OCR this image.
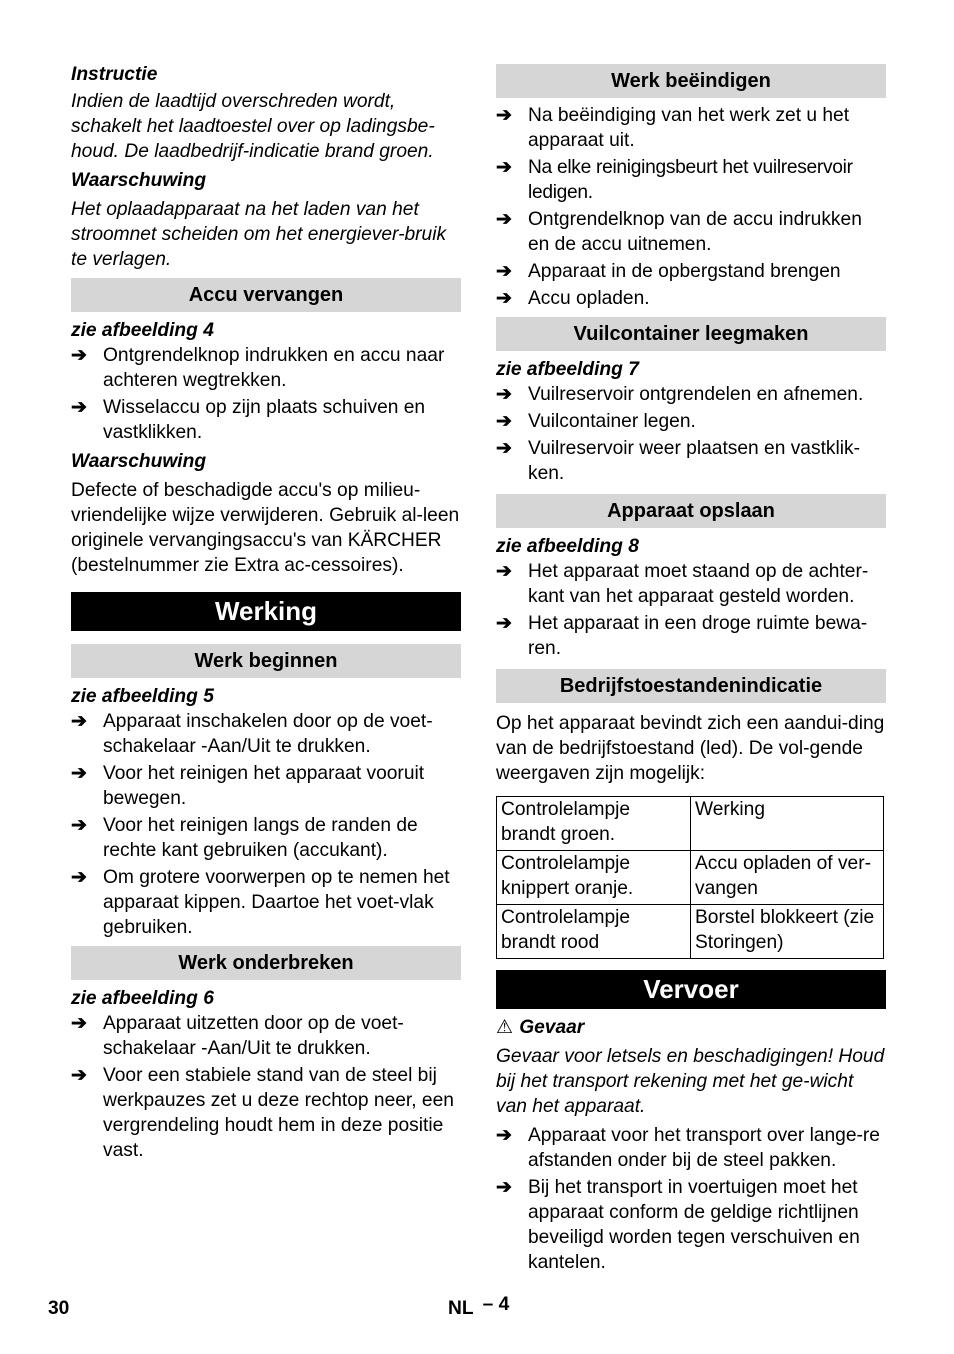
Instructie

Indien de laadtijd overschreden wordt, schakelt het laadtoestel over op ladingsbe-houd. De laadbedrijf-indicatie brand groen.

Waarschuwing

Het oplaadapparaat na het laden van het stroomnet scheiden om het energiever-bruik te verlagen.

Accu vervangen

zie afbeelding 4

➔ Ontgrendelknop indrukken en accu naar achteren wegtrekken.
➔ Wisselaccu op zijn plaats schuiven en vastklikken.

Waarschuwing

Defecte of beschadigde accu's op milieu-vriendelijke wijze verwijderen. Gebruik al-leen originele vervangingsaccu's van KÄRCHER (bestelnummer zie Extra ac-cessoires).

Werking
Werk beginnen

zie afbeelding 5

➔ Apparaat inschakelen door op de voet-schakelaar -Aan/Uit te drukken.
➔ Voor het reinigen het apparaat vooruit bewegen.
➔ Voor het reinigen langs de randen de rechte kant gebruiken (accukant).
➔ Om grotere voorwerpen op te nemen het apparaat kippen. Daartoe het voet-vlak gebruiken.
Werk onderbreken

zie afbeelding 6

➔ Apparaat uitzetten door op de voet-schakelaar -Aan/Uit te drukken.
➔ Voor een stabiele stand van de steel bij werkpauzes zet u deze rechtop neer, een vergrendeling houdt hem in deze positie vast.
Werk beëindigen
➔ Na beëindiging van het werk zet u het apparaat uit.
➔ Na elke reinigingsbeurt het vuilreservoir ledigen.
➔ Ontgrendelknop van de accu indrukken en de accu uitnemen.
➔ Apparaat in de opbergstand brengen
➔ Accu opladen.
Vuilcontainer leegmaken

zie afbeelding 7

➔ Vuilreservoir ontgrendelen en afnemen.
➔ Vuilcontainer legen.
➔ Vuilreservoir weer plaatsen en vastklik-ken.
Apparaat opslaan

zie afbeelding 8

➔ Het apparaat moet staand op de achter-kant van het apparaat gesteld worden.
➔ Het apparaat in een droge ruimte bewa-ren.
Bedrijfstoestandenindicatie

Op het apparaat bevindt zich een aandui-ding van de bedrijfstoestand (led). De vol-gende weergaven zijn mogelijk:

Controlelampje brandt groen.	Werking
Controlelampje knippert oranje.	Accu opladen of ver-vangen
Controlelampje brandt rood	Borstel blokkeert (zie Storingen)
Vervoer

⚠ Gevaar

Gevaar voor letsels en beschadigingen! Houd bij het transport rekening met het ge-wicht van het apparaat.

➔ Apparaat voor het transport over lange-re afstanden onder bij de steel pakken.
➔ Bij het transport in voertuigen moet het apparaat conform de geldige richtlijnen beveiligd worden tegen verschuiven en kantelen.
30	NL – 4
